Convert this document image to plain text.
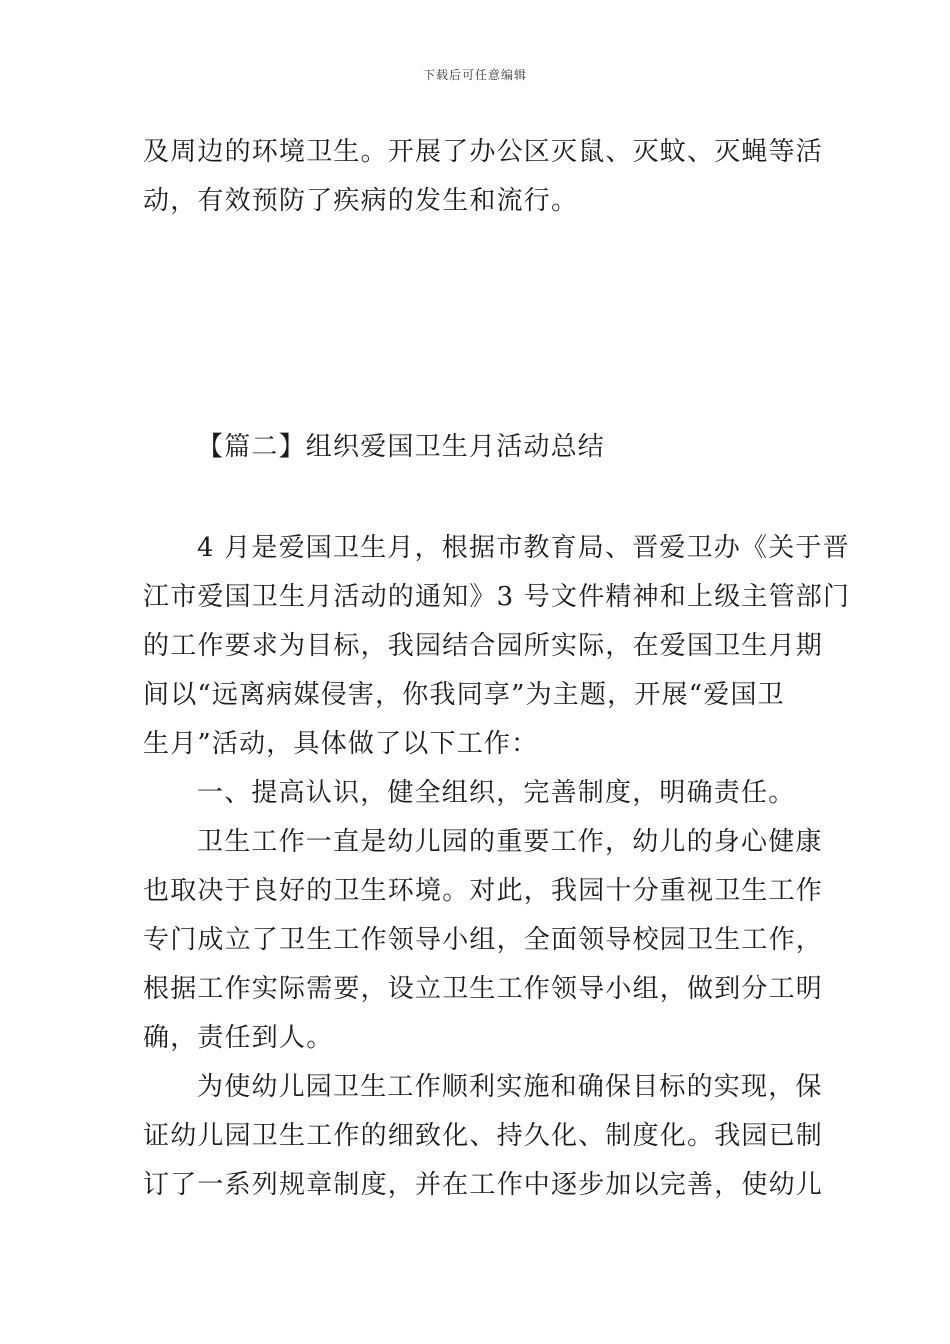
下载后可任意编辑
及周边的环境卫生。开展了办公区灭鼠、灭蚊、灭蝇等活
动，有效预防了疾病的发生和流行。
【篇二】组织爱国卫生月活动总结
4 月是爱国卫生月，根据市教育局、晋爱卫办《关于晋
江市爱国卫生月活动的通知》3 号文件精神和上级主管部门
的工作要求为目标，我园结合园所实际，在爱国卫生月期
间以“远离病媒侵害，你我同享”为主题，开展“爱国卫
生月”活动，具体做了以下工作：
一、提高认识，健全组织，完善制度，明确责任。
卫生工作一直是幼儿园的重要工作，幼儿的身心健康
也取决于良好的卫生环境。对此，我园十分重视卫生工作
专门成立了卫生工作领导小组，全面领导校园卫生工作，
根据工作实际需要，设立卫生工作领导小组，做到分工明
确，责任到人。
为使幼儿园卫生工作顺利实施和确保目标的实现，保
证幼儿园卫生工作的细致化、持久化、制度化。我园已制
订了一系列规章制度，并在工作中逐步加以完善，使幼儿
